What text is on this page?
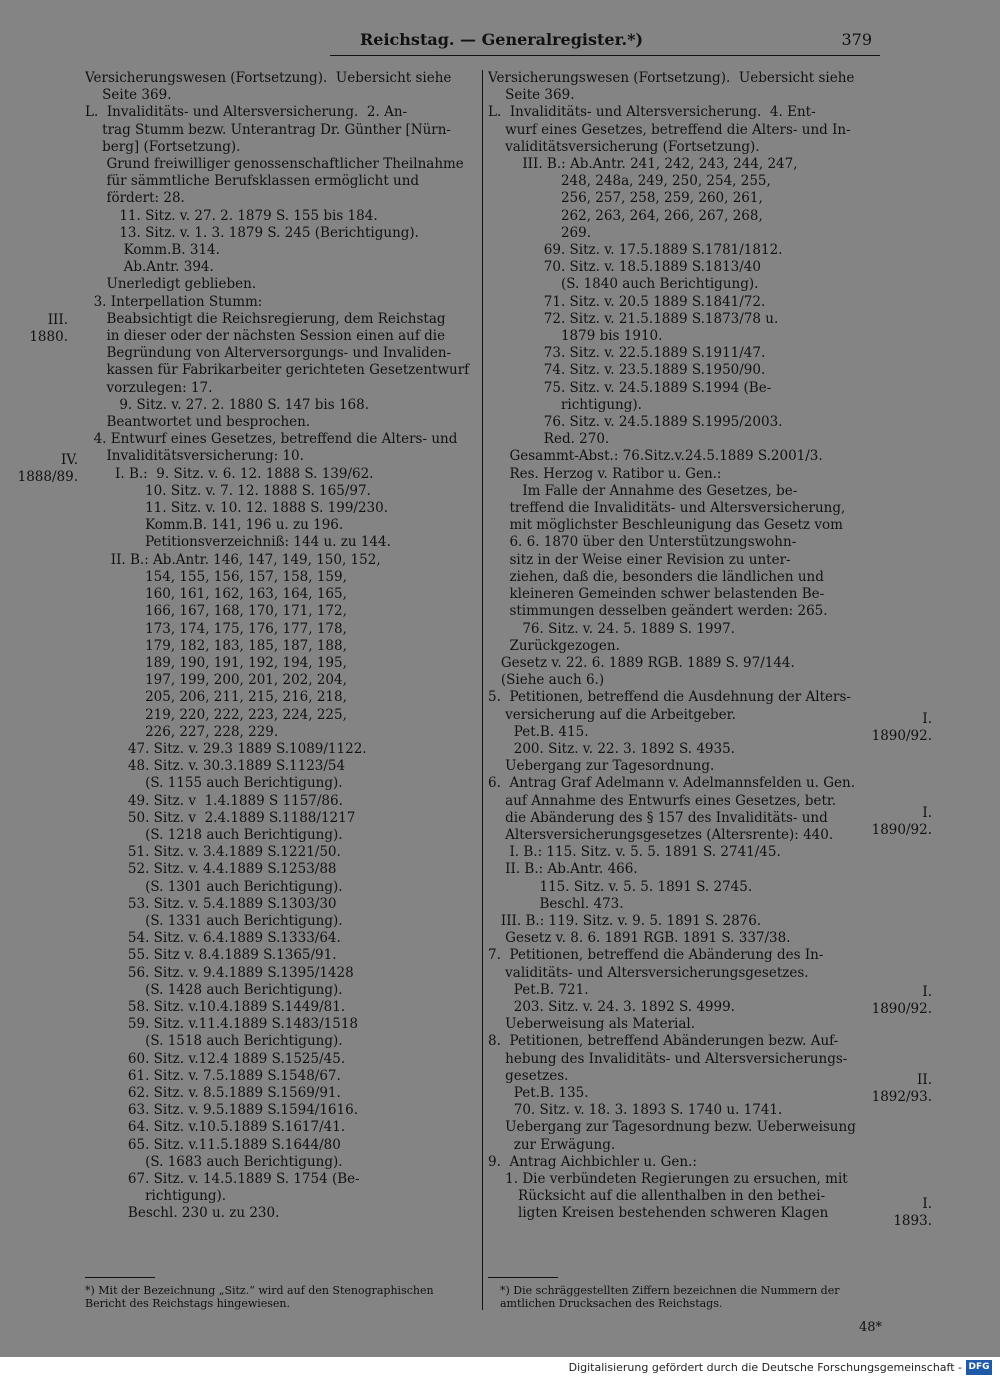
Reichstag. — Generalregister.*)	379
Versicherungswesen (Fortsetzung).  Uebersicht siehe
Seite 369.
L.  Invaliditäts- und Altersversicherung.  2. An-
trag Stumm bezw. Unterantrag Dr. Günther [Nürn-
berg] (Fortsetzung).
Grund freiwilliger genossenschaftlicher Theilnahme
für sämmtliche Berufsklassen ermöglicht und
fördert: 28.
11. Sitz. v. 27. 2. 1879 S. 155 bis 184.
13. Sitz. v. 1. 3. 1879 S. 245 (Berichtigung).
Komm.B. 314.
Ab.Antr. 394.
Unerledigt geblieben.
3. Interpellation Stumm:
Beabsichtigt die Reichsregierung, dem Reichstag
in dieser oder der nächsten Session einen auf die
Begründung von Alterversorgungs- und Invaliden-
kassen für Fabrikarbeiter gerichteten Gesetzentwurf
vorzulegen: 17.
9. Sitz. v. 27. 2. 1880 S. 147 bis 168.
Beantwortet und besprochen.
4. Entwurf eines Gesetzes, betreffend die Alters- und
Invaliditätsversicherung: 10.
I. B.:  9. Sitz. v. 6. 12. 1888 S. 139/62.
10. Sitz. v. 7. 12. 1888 S. 165/97.
11. Sitz. v. 10. 12. 1888 S. 199/230.
Komm.B. 141, 196 u. zu 196.
Petitionsverzeichniß: 144 u. zu 144.
II. B.: Ab.Antr. 146, 147, 149, 150, 152,
154, 155, 156, 157, 158, 159,
160, 161, 162, 163, 164, 165,
166, 167, 168, 170, 171, 172,
173, 174, 175, 176, 177, 178,
179, 182, 183, 185, 187, 188,
189, 190, 191, 192, 194, 195,
197, 199, 200, 201, 202, 204,
205, 206, 211, 215, 216, 218,
219, 220, 222, 223, 224, 225,
226, 227, 228, 229.
47. Sitz. v. 29.3 1889 S.1089/1122.
48. Sitz. v. 30.3.1889 S.1123/54
(S. 1155 auch Berichtigung).
49. Sitz. v  1.4.1889 S 1157/86.
50. Sitz. v  2.4.1889 S.1188/1217
(S. 1218 auch Berichtigung).
51. Sitz. v. 3.4.1889 S.1221/50.
52. Sitz. v. 4.4.1889 S.1253/88
(S. 1301 auch Berichtigung).
53. Sitz. v. 5.4.1889 S.1303/30
(S. 1331 auch Berichtigung).
54. Sitz. v. 6.4.1889 S.1333/64.
55. Sitz v. 8.4.1889 S.1365/91.
56. Sitz. v. 9.4.1889 S.1395/1428
(S. 1428 auch Berichtigung).
58. Sitz. v.10.4.1889 S.1449/81.
59. Sitz. v.11.4.1889 S.1483/1518
(S. 1518 auch Berichtigung).
60. Sitz. v.12.4 1889 S.1525/45.
61. Sitz. v. 7.5.1889 S.1548/67.
62. Sitz. v. 8.5.1889 S.1569/91.
63. Sitz. v. 9.5.1889 S.1594/1616.
64. Sitz. v.10.5.1889 S.1617/41.
65. Sitz. v.11.5.1889 S.1644/80
(S. 1683 auch Berichtigung).
67. Sitz. v. 14.5.1889 S. 1754 (Be-
richtigung).
Beschl. 230 u. zu 230.
Versicherungswesen (Fortsetzung).  Uebersicht siehe
Seite 369.
L.  Invaliditäts- und Altersversicherung.  4. Ent-
wurf eines Gesetzes, betreffend die Alters- und In-
validitätsversicherung (Fortsetzung).
III. B.: Ab.Antr. 241, 242, 243, 244, 247,
248, 248a, 249, 250, 254, 255,
256, 257, 258, 259, 260, 261,
262, 263, 264, 266, 267, 268,
269.
69. Sitz. v. 17.5.1889 S.1781/1812.
70. Sitz. v. 18.5.1889 S.1813/40
(S. 1840 auch Berichtigung).
71. Sitz. v. 20.5 1889 S.1841/72.
72. Sitz. v. 21.5.1889 S.1873/78 u.
1879 bis 1910.
73. Sitz. v. 22.5.1889 S.1911/47.
74. Sitz. v. 23.5.1889 S.1950/90.
75. Sitz. v. 24.5.1889 S.1994 (Be-
richtigung).
76. Sitz. v. 24.5.1889 S.1995/2003.
Red. 270.
Gesammt-Abst.: 76.Sitz.v.24.5.1889 S.2001/3.
Res. Herzog v. Ratibor u. Gen.:
Im Falle der Annahme des Gesetzes, be-
treffend die Invaliditäts- und Altersversicherung,
mit möglichster Beschleunigung das Gesetz vom
6. 6. 1870 über den Unterstützungswohn-
sitz in der Weise einer Revision zu unter-
ziehen, daß die, besonders die ländlichen und
kleineren Gemeinden schwer belastenden Be-
stimmungen desselben geändert werden: 265.
76. Sitz. v. 24. 5. 1889 S. 1997.
Zurückgezogen.
Gesetz v. 22. 6. 1889 RGB. 1889 S. 97/144.
(Siehe auch 6.)
5.  Petitionen, betreffend die Ausdehnung der Alters-
versicherung auf die Arbeitgeber.
Pet.B. 415.
200. Sitz. v. 22. 3. 1892 S. 4935.
Uebergang zur Tagesordnung.
6.  Antrag Graf Adelmann v. Adelmannsfelden u. Gen.
auf Annahme des Entwurfs eines Gesetzes, betr.
die Abänderung des § 157 des Invaliditäts- und
Altersversicherungsgesetzes (Altersrente): 440.
I. B.: 115. Sitz. v. 5. 5. 1891 S. 2741/45.
II. B.: Ab.Antr. 466.
115. Sitz. v. 5. 5. 1891 S. 2745.
Beschl. 473.
III. B.: 119. Sitz. v. 9. 5. 1891 S. 2876.
Gesetz v. 8. 6. 1891 RGB. 1891 S. 337/38.
7.  Petitionen, betreffend die Abänderung des In-
validitäts- und Altersversicherungsgesetzes.
Pet.B. 721.
203. Sitz. v. 24. 3. 1892 S. 4999.
Ueberweisung als Material.
8.  Petitionen, betreffend Abänderungen bezw. Auf-
hebung des Invaliditäts- und Altersversicherungs-
gesetzes.
Pet.B. 135.
70. Sitz. v. 18. 3. 1893 S. 1740 u. 1741.
Uebergang zur Tagesordnung bezw. Ueberweisung
zur Erwägung.
9.  Antrag Aichbichler u. Gen.:
1. Die verbündeten Regierungen zu ersuchen, mit
Rücksicht auf die allenthalben in den bethei-
ligten Kreisen bestehenden schweren Klagen
III.
1880.
IV.
1888/89.
I.
1890/92.
I.
1890/92.
I.
1890/92.
II.
1892/93.
I.
1893.
*) Mit der Bezeichnung „Sitz.“ wird auf den Stenographischen
Bericht des Reichstags hingewiesen.
*) Die schräggestellten Ziffern bezeichnen die Nummern der
amtlichen Drucksachen des Reichstags.
48*
Digitalisierung gefördert durch die Deutsche Forschungsgemeinschaft - DFG
